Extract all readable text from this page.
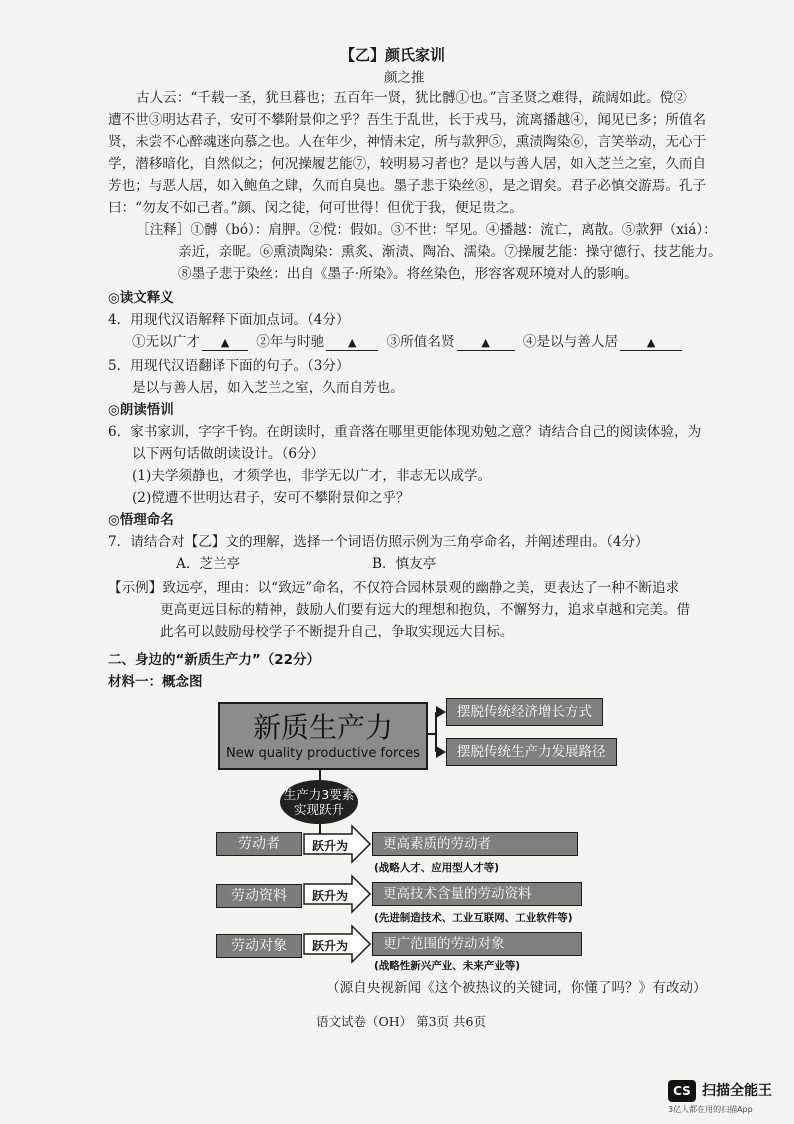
【乙】颜氏家训
颜之推
古人云：“千载一圣，犹旦暮也；五百年一贤，犹比髆①也。”言圣贤之难得，疏阔如此。傥②
遭不世③明达君子，安可不攀附景仰之乎？吾生于乱世，长于戎马，流离播越④，闻见已多；所值名
贤，未尝不心醉魂迷向慕之也。人在年少，神情未定，所与款狎⑤，熏渍陶染⑥，言笑举动，无心于
学，潜移暗化，自然似之；何况操履艺能⑦，较明易习者也？是以与善人居，如入芝兰之室，久而自
芳也；与恶人居，如入鲍鱼之肆，久而自臭也。墨子悲于染丝⑧，是之谓矣。君子必慎交游焉。孔子
曰：“勿友不如己者。”颜、闵之徒，何可世得！但优于我，便足贵之。
［注释］①髆（bó）：肩胛。②傥：假如。③不世：罕见。④播越：流亡，离散。⑤款狎（xiá）：
亲近，亲昵。⑥熏渍陶染：熏炙、渐渍、陶冶、濡染。⑦操履艺能：操守德行、技艺能力。
⑧墨子悲于染丝：出自《墨子·所染》。将丝染色，形容客观环境对人的影响。
◎读文释义
4．用现代汉语解释下面加点词。（4分）
①无以广才 ▲ ②年与时驰 ▲ ③所值名贤 ▲ ④是以与善人居	▲
5．用现代汉语翻译下面的句子。（3分）
是以与善人居，如入芝兰之室，久而自芳也。
◎朗读悟训
6．家书家训，字字千钧。在朗读时，重音落在哪里更能体现劝勉之意？请结合自己的阅读体验，为
以下两句话做朗读设计。（6分）
(1)夫学须静也，才须学也，非学无以广才，非志无以成学。
(2)傥遭不世明达君子，安可不攀附景仰之乎？
◎悟理命名
7．请结合对【乙】文的理解，选择一个词语仿照示例为三角亭命名，并阐述理由。（4分）
A．芝兰亭	B．慎友亭
【示例】致远亭，理由：以“致远”命名，不仅符合园林景观的幽静之美，更表达了一种不断追求
更高更远目标的精神，鼓励人们要有远大的理想和抱负，不懈努力，追求卓越和完美。借
此名可以鼓励母校学子不断提升自己，争取实现远大目标。
二、身边的“新质生产力”（22分）
材料一：概念图
新质生产力
New quality productive forces
摆脱传统经济增长方式
摆脱传统生产力发展路径
生产力3要素
实现跃升
劳动者	跃升为	更高素质的劳动者
(战略人才、应用型人才等)
劳动资料	跃升为	更高技术含量的劳动资料
(先进制造技术、工业互联网、工业软件等)
劳动对象	跃升为	更广范围的劳动对象
(战略性新兴产业、未来产业等)
（源自央视新闻《这个被热议的关键词，你懂了吗？》有改动）
语文试卷（OH） 第3页 共6页
CS 扫描全能王
3亿人都在用的扫描App
